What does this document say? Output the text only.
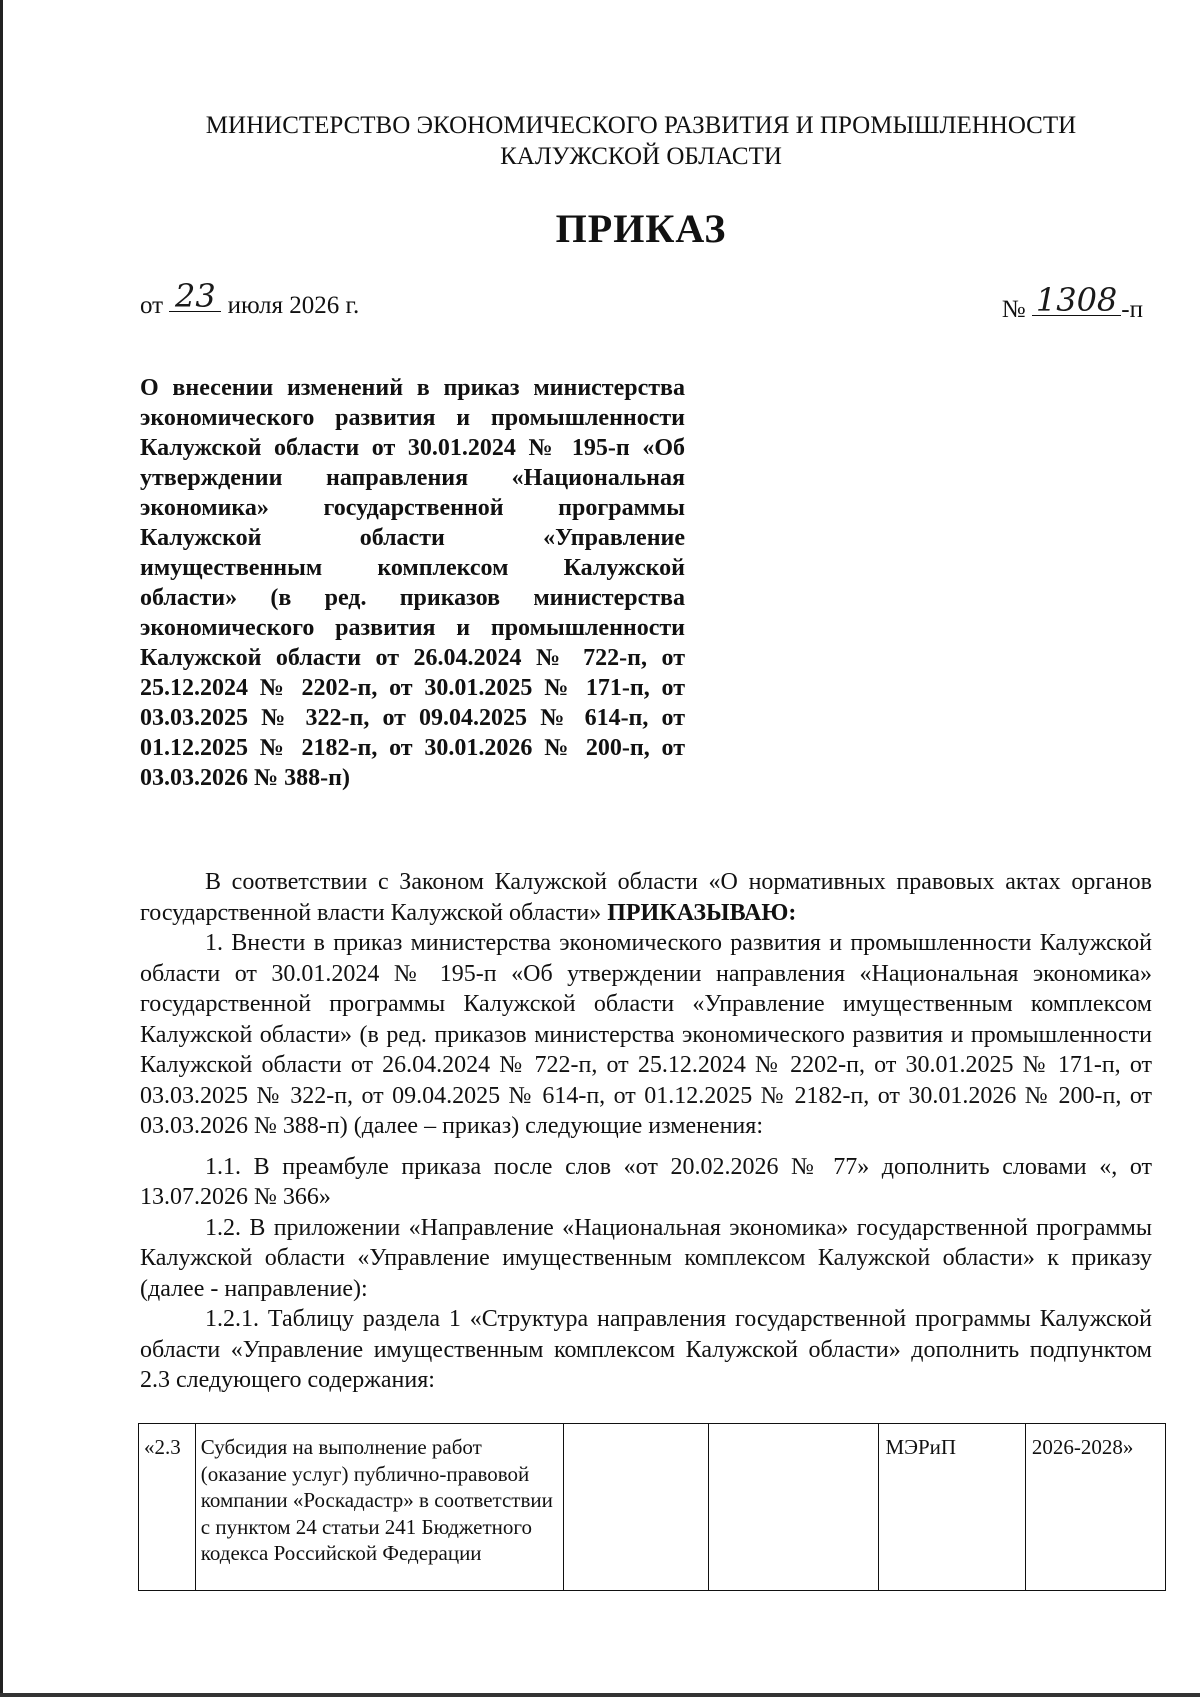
МИНИСТЕРСТВО ЭКОНОМИЧЕСКОГО РАЗВИТИЯ И ПРОМЫШЛЕННОСТИ
КАЛУЖСКОЙ ОБЛАСТИ
ПРИКАЗ
от 23 июля 2026 г.	№ 1308 -п
О внесении изменений в приказ министерства экономического развития и промышленности Калужской области от 30.01.2024 № 195-п «Об утверждении направления «Национальная экономика» государственной программы Калужской области «Управление имущественным комплексом Калужской области» (в ред. приказов министерства экономического развития и промышленности Калужской области от 26.04.2024 № 722-п, от 25.12.2024 № 2202-п, от 30.01.2025 № 171-п, от 03.03.2025 № 322-п, от 09.04.2025 № 614-п, от 01.12.2025 № 2182-п, от 30.01.2026 № 200-п, от 03.03.2026 № 388-п)

В соответствии с Законом Калужской области «О нормативных правовых актах органов государственной власти Калужской области» ПРИКАЗЫВАЮ:

1. Внести в приказ министерства экономического развития и промышленности Калужской области от 30.01.2024 № 195-п «Об утверждении направления «Национальная экономика» государственной программы Калужской области «Управление имущественным комплексом Калужской области» (в ред. приказов министерства экономического развития и промышленности Калужской области от 26.04.2024 № 722-п, от 25.12.2024 № 2202-п, от 30.01.2025 № 171-п, от 03.03.2025 № 322-п, от 09.04.2025 № 614-п, от 01.12.2025 № 2182-п, от 30.01.2026 № 200-п, от 03.03.2026 № 388-п) (далее – приказ) следующие изменения:

1.1. В преамбуле приказа после слов «от 20.02.2026 № 77» дополнить словами «, от 13.07.2026 № 366»

1.2. В приложении «Направление «Национальная экономика» государственной программы Калужской области «Управление имущественным комплексом Калужской области» к приказу (далее - направление):

1.2.1. Таблицу раздела 1 «Структура направления государственной программы Калужской области «Управление имущественным комплексом Калужской области» дополнить подпунктом 2.3 следующего содержания:

«2.3	Субсидия на выполнение работ (оказание услуг) публично-правовой компании «Роскадастр» в соответствии с пунктом 24 статьи 241 Бюджетного кодекса Российской Федерации			МЭРиП	2026-2028»
